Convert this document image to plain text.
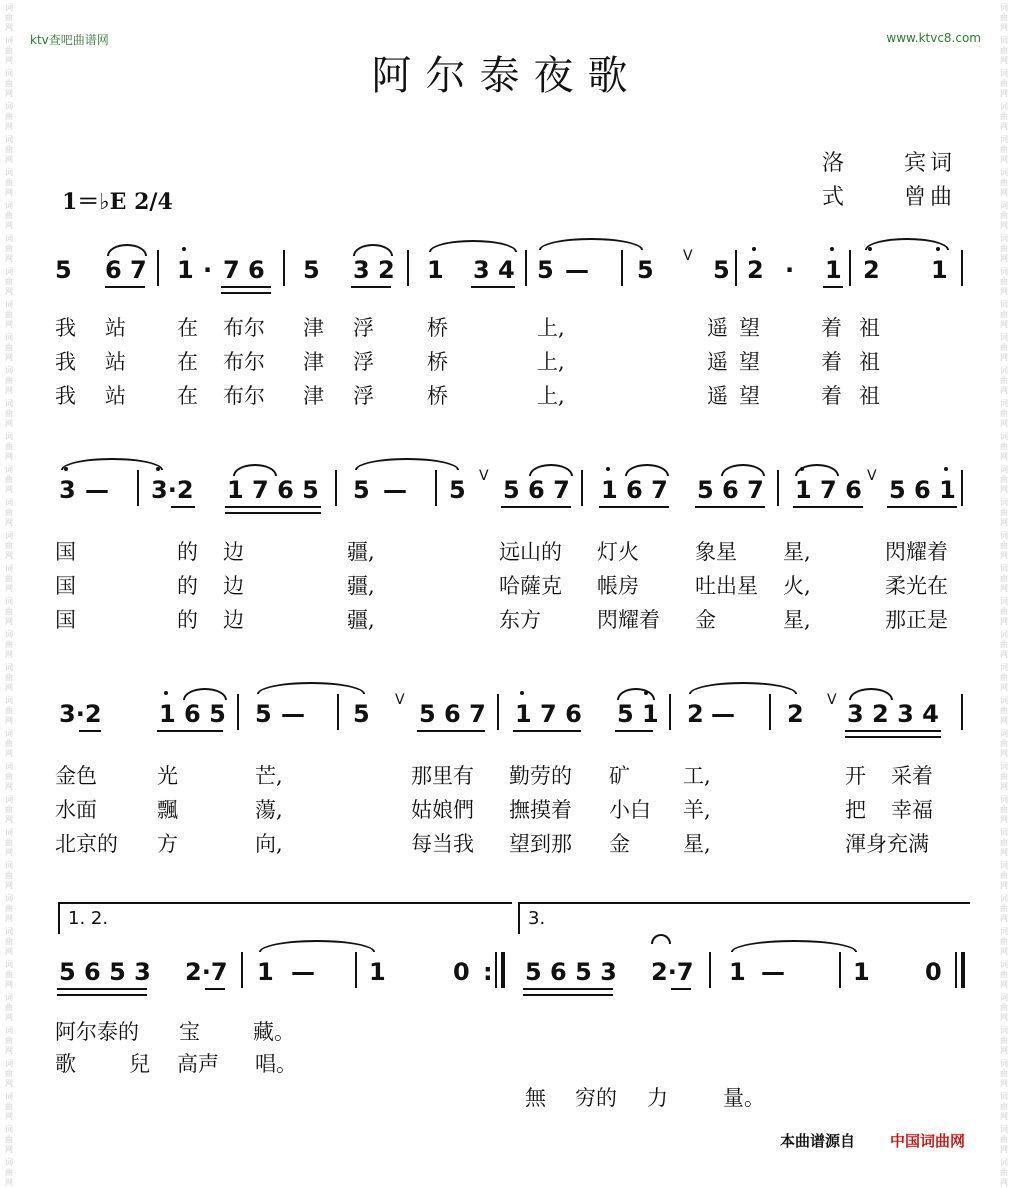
词
曲
网
词
曲
网
词
曲
网
词
曲
网
词
曲
网
词
曲
网
词
曲
网
词
曲
网
词
曲
网
词
曲
网
词
曲
网
词
曲
网
词
曲
网
词
曲
网
词
曲
网
词
曲
网
词
曲
网
词
曲
网
词
曲
网
词
曲
网
词
曲
网
词
曲
网
词
曲
网
词
曲
网
词
曲
网
词
曲
网
词
曲
网
词
曲
网
词
曲
网
词
曲
网
词
曲
网
词
曲
网
词
曲
网
词
曲
网
词
曲
网
词
曲
网
词
曲
网
词
曲
网
词
曲
网
词
曲
网
词
曲
网
词
曲
网
词
曲
网
词
曲
网
词
曲
网
词
曲
网
词
曲
网
词
曲
网
词
曲
网
词
曲
网
词
曲
网
词
曲
网
词
曲
网
词
曲
网
词
曲
网
词
曲
网
词
曲
网
词
曲
网
词
曲
网
词
曲
网
词
曲
网
词
曲
网
词
曲
网
词
曲
网
词
曲
网
词
曲
网
词
曲
网
词
曲
网
词
曲
网
词
曲
网
词
曲
网
词
曲
网
ktv查吧曲谱网	www.ktvc8.com
阿尔泰夜歌
洛	宾词
式	曾曲
1＝♭E 2/4
5 6 7 1 · 7 6 5 3 2 1 3 4 5 — 5 V 5 2 · 1 2 1
我 站 在 布尔 津 浮	桥	上,	遥 望	着 祖
我 站 在 布尔 津 浮	桥	上,	遥 望	着 祖
我 站 在 布尔 津 浮	桥	上,	遥 望	着 祖
3 — 3·2 1 7 6 5 5 — 5 V 5 6 7 1 6 7 5 6 7 1 7 6 V 5 6 1
国	的 边	疆,	远山的 灯火	象星 星,	閃耀着
国	的 边	疆,	哈薩克 帳房	吐出星 火,	柔光在
国	的 边	疆,	东方	閃耀着 金	星,	那正是
3·2 1 6 5 5 — 5 V 5 6 7 1 7 6 5 1 2 — 2 V 3 2 3 4
金色	光	芒,	那里有 勤劳的 矿	工,	开 采着
水面	飄	蕩,	姑娘們 撫摸着 小白 羊,	把 幸福
北京的 方	向,	每当我 望到那 金	星,	渾身充满
1. 2.	3.
5 6 5 3 2·7 1 — 1	0 : 5 6 5 3 2·7 1 —	1 0
阿尔泰的 宝	藏。
歌	兒 高声 唱。
無 穷的 力	量。
本曲谱源自 中国词曲网
